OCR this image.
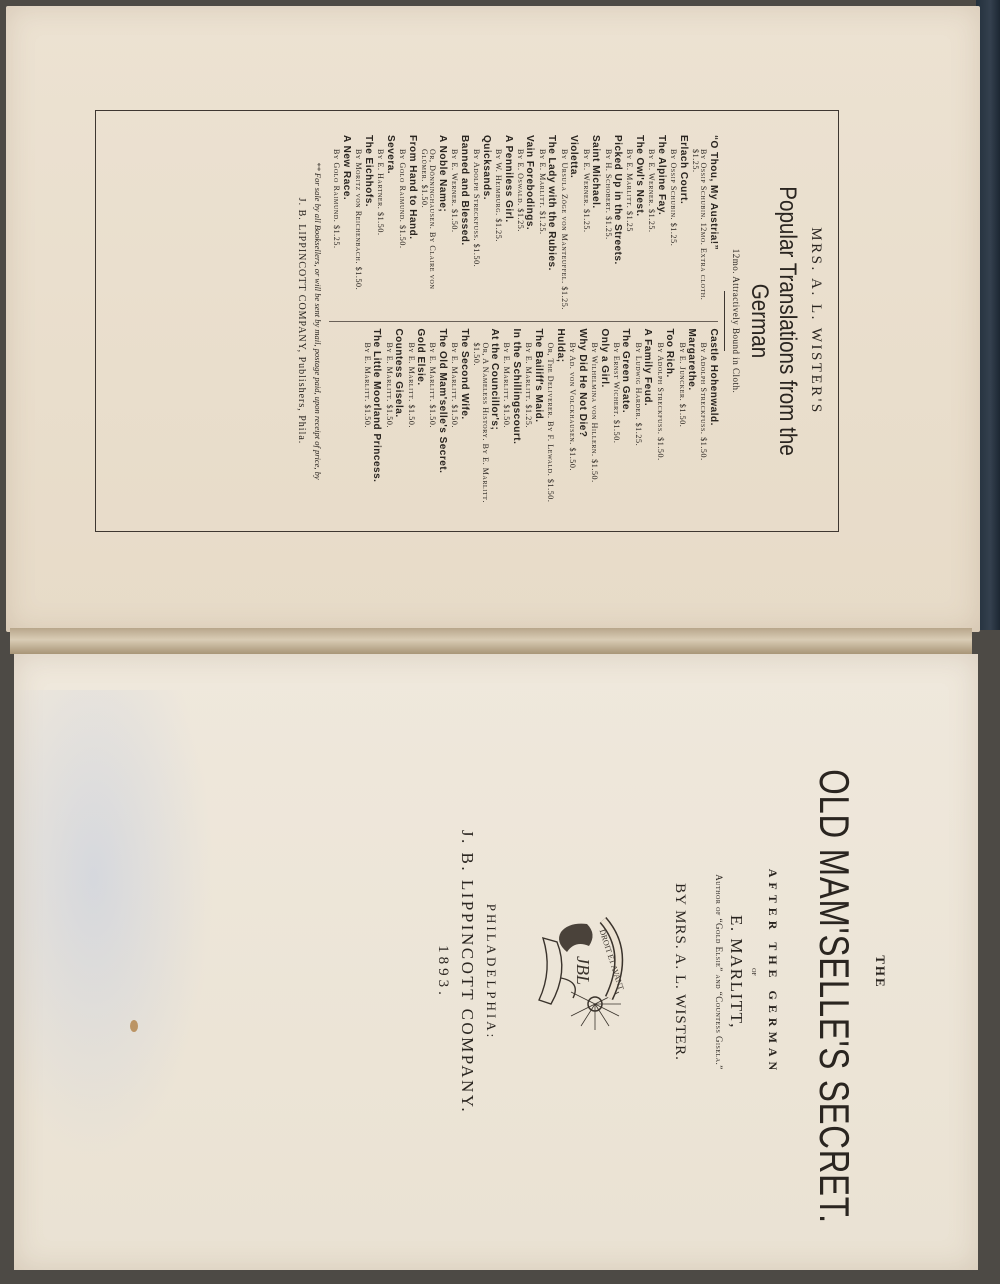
MRS. A. L. WISTER'S

Popular Translations from the German

12mo. Attractively Bound in Cloth.

“O Thou, My Austria!”
By Ossip Schubin. 12mo. Extra cloth. $1.25.

Erlach Court.
By Ossip Schubin. $1.25.

The Alpine Fay.
By E. Werner. $1.25.

The Owl's Nest.
By E. Marlitt. $1.25

Picked Up in the Streets.
By H. Schobert. $1.25.

Saint Michael.
By E. Werner. $1.25.

Violetta.
By Ursula Zöge von Manteuffel. $1.25.

The Lady with the Rubies.
By E. Marlitt. $1.25.

Vain Forebodings.
By E. Oswald. $1.25.

A Penniless Girl.
By W. Heimburg. $1.25.

Quicksands.
By Adolph Streckfuss. $1.50.

Banned and Blessed.
By E. Werner. $1.50.

A Noble Name;
Or, Dönninghausen. By Claire von Glümer. $1.50.

From Hand to Hand.
By Golo Raimund. $1.50.

Severa.
By E. Hartner. $1.50.

The Eichhofs.
By Moritz von Reichenbach. $1.50.

A New Race.
By Golo Raimund. $1.25.

Castle Hohenwald.
By Adolph Streckfuss. $1.50.

Margarethe.
By E. Juncker. $1.50.

Too Rich.
By Adolph Streckfuss. $1.50.

A Family Feud.
By Ludwig Harder. $1.25.

The Green Gate.
By Ernst Wichert. $1.50.

Only a Girl.
By Wilhelmina von Hillern. $1.50.

Why Did He Not Die?
By Ad. von Volckhausen. $1.50.

Hulda;
Or, The Deliverer. By F. Lewald. $1.50.

The Bailiff's Maid.
By E. Marlitt. $1.25.

In the Schillingscourt.
By E. Marlitt. $1.50.

At the Councillor's;
Or, A Nameless History. By E. Marlitt. $1.50.

The Second Wife.
By E. Marlitt. $1.50.

The Old Mam'selle's Secret.
By E. Marlitt. $1.50.

Gold Elsie.
By E. Marlitt. $1.50.

Countess Gisela.
By E. Marlitt. $1.50.

The Little Moorland Princess.
By E. Marlitt. $1.50.

** For sale by all Booksellers, or will be sent by mail, postage paid, upon receipt of price, by

J. B. LIPPINCOTT COMPANY, Publishers, Phila.

THE

OLD MAM'SELLE'S SECRET.

AFTER THE GERMAN

of

E. MARLITT,

Author of “Gold Elsie” and “Countess Gisela.”

BY MRS. A. L. WISTER.

DROIT ET AVANT
JBL

PHILADELPHIA:

J. B. LIPPINCOTT COMPANY.

1893.
